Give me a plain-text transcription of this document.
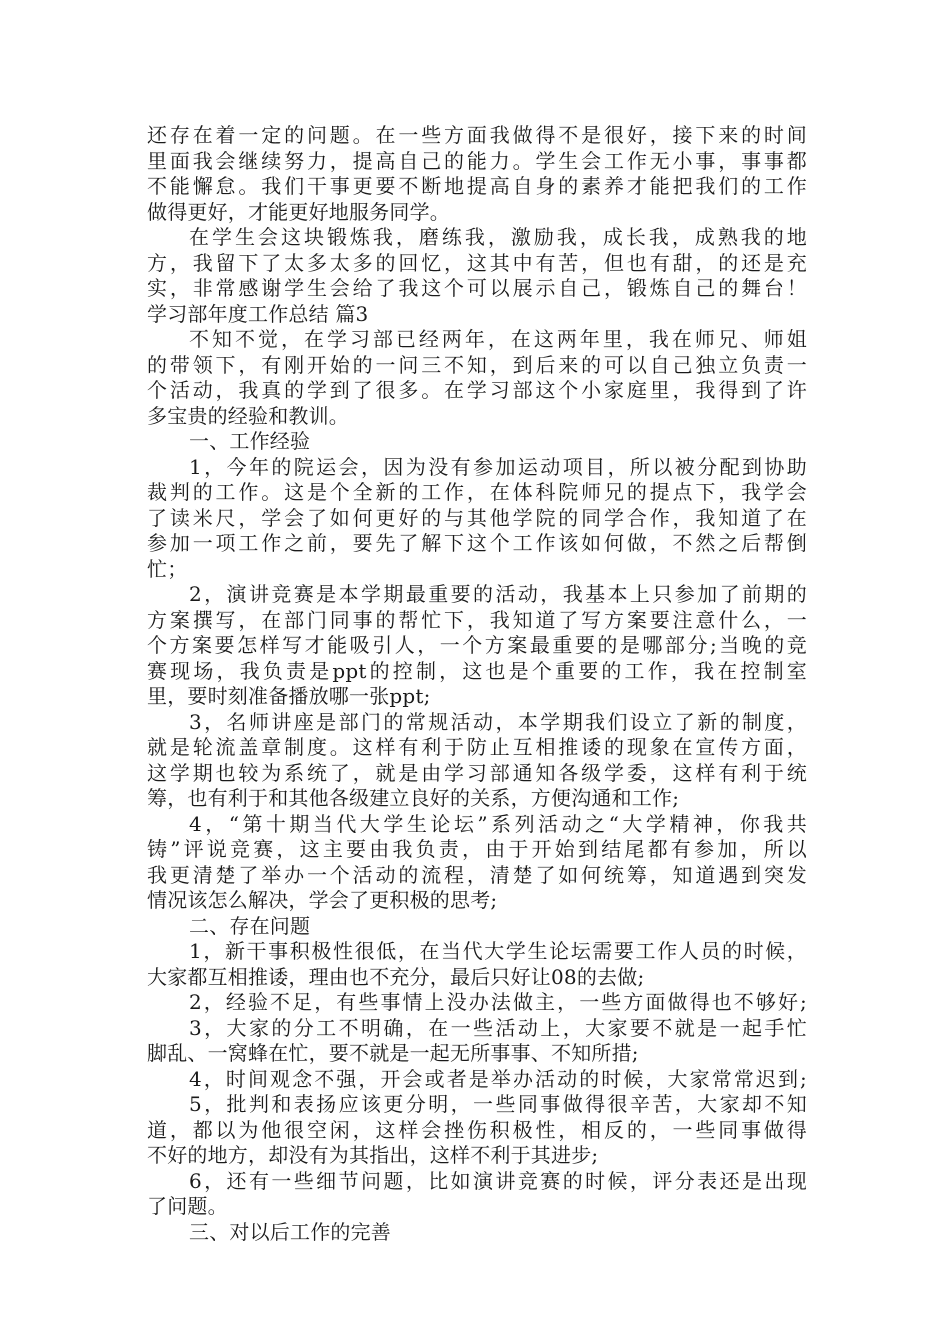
还存在着一定的问题。在一些方面我做得不是很好，接下来的时间
里面我会继续努力，提高自己的能力。学生会工作无小事，事事都
不能懈怠。我们干事更要不断地提高自身的素养才能把我们的工作
做得更好，才能更好地服务同学。
在学生会这块锻炼我，磨练我，激励我，成长我，成熟我的地
方，我留下了太多太多的回忆，这其中有苦，但也有甜，的还是充
实，非常感谢学生会给了我这个可以展示自己，锻炼自己的舞台！
学习部年度工作总结 篇3
不知不觉，在学习部已经两年，在这两年里，我在师兄、师姐
的带领下，有刚开始的一问三不知，到后来的可以自己独立负责一
个活动，我真的学到了很多。在学习部这个小家庭里，我得到了许
多宝贵的经验和教训。
一、工作经验
1，今年的院运会，因为没有参加运动项目，所以被分配到协助
裁判的工作。这是个全新的工作，在体科院师兄的提点下，我学会
了读米尺，学会了如何更好的与其他学院的同学合作，我知道了在
参加一项工作之前，要先了解下这个工作该如何做，不然之后帮倒
忙；
2，演讲竞赛是本学期最重要的活动，我基本上只参加了前期的
方案撰写，在部门同事的帮忙下，我知道了写方案要注意什么，一
个方案要怎样写才能吸引人，一个方案最重要的是哪部分;当晚的竞
赛现场，我负责是ppt的控制，这也是个重要的工作，我在控制室
里，要时刻准备播放哪一张ppt;
3，名师讲座是部门的常规活动，本学期我们设立了新的制度，
就是轮流盖章制度。这样有利于防止互相推诿的现象在宣传方面，
这学期也较为系统了，就是由学习部通知各级学委，这样有利于统
筹，也有利于和其他各级建立良好的关系，方便沟通和工作;
4，“第十期当代大学生论坛”系列活动之“大学精神，你我共
铸”评说竞赛，这主要由我负责，由于开始到结尾都有参加，所以
我更清楚了举办一个活动的流程，清楚了如何统筹，知道遇到突发
情况该怎么解决，学会了更积极的思考;
二、存在问题
1，新干事积极性很低，在当代大学生论坛需要工作人员的时候，
大家都互相推诿，理由也不充分，最后只好让08的去做;
2，经验不足，有些事情上没办法做主，一些方面做得也不够好;
3，大家的分工不明确，在一些活动上，大家要不就是一起手忙
脚乱、一窝蜂在忙，要不就是一起无所事事、不知所措;
4，时间观念不强，开会或者是举办活动的时候，大家常常迟到;
5，批判和表扬应该更分明，一些同事做得很辛苦，大家却不知
道，都以为他很空闲，这样会挫伤积极性，相反的，一些同事做得
不好的地方，却没有为其指出，这样不利于其进步;
6，还有一些细节问题，比如演讲竞赛的时候，评分表还是出现
了问题。
三、对以后工作的完善
